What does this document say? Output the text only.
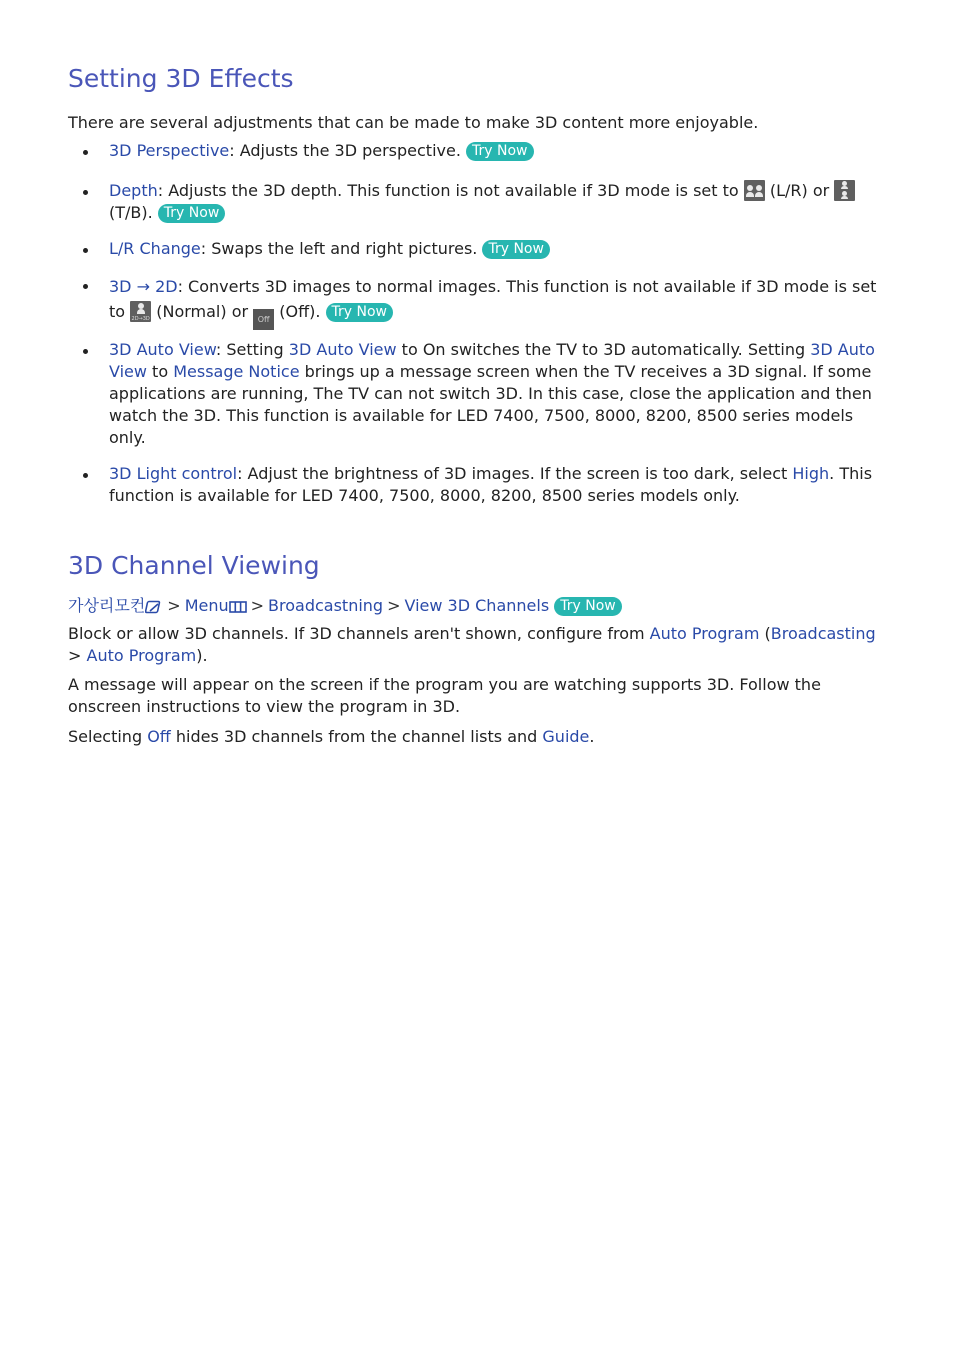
Setting 3D Effects

There are several adjustments that can be made to make 3D content more enjoyable.

3D Perspective: Adjusts the 3D perspective. Try Now
Depth: Adjusts the 3D depth. This function is not available if 3D mode is set to
(L/R) or

(T/B). Try Now
L/R Change: Swaps the left and right pictures. Try Now
3D → 2D: Converts 3D images to normal images. This function is not available if 3D mode is set to 2D→3D (Normal) or Off (Off). Try Now
3D Auto View: Setting 3D Auto View to On switches the TV to 3D automatically. Setting 3D Auto View to Message Notice brings up a message screen when the TV receives a 3D signal. If some applications are running, The TV can not switch 3D. In this case, close the application and then watch the 3D. This function is available for LED 7400, 7500, 8000, 8200, 8500 series models only.
3D Light control: Adjust the brightness of 3D images. If the screen is too dark, select High. This function is available for LED 7400, 7500, 8000, 8200, 8500 series models only.
3D Channel Viewing
가상리모컨 > Menu > Broadcastning > View 3D Channels Try Now

Block or allow 3D channels. If 3D channels aren't shown, configure from Auto Program (Broadcasting > Auto Program).

A message will appear on the screen if the program you are watching supports 3D. Follow the onscreen instructions to view the program in 3D.

Selecting Off hides 3D channels from the channel lists and Guide.
